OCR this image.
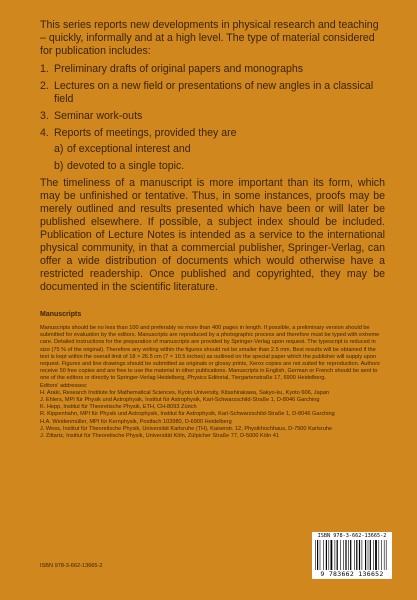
This series reports new developments in physical research and teaching – quickly, informally and at a high level. The type of material considered for publication includes:

1. Preliminary drafts of original papers and monographs
2. Lectures on a new field or presentations of new angles in a classical field
3. Seminar work-outs
4. Reports of meetings, provided they are
a) of exceptional interest and
b) devoted to a single topic.

The timeliness of a manuscript is more important than its form, which may be unfinished or tentative. Thus, in some instances, proofs may be merely outlined and results presented which have been or will later be published elsewhere. If possible, a subject index should be included. Publication of Lecture Notes is intended as a service to the international physical community, in that a commercial publisher, Springer-Verlag, can offer a wide distribution of documents which would otherwise have a restricted readership. Once published and copyrighted, they may be documented in the scientific literature.

Manuscripts

Manuscripts should be no less than 100 and preferably no more than 400 pages in length. If possible, a preliminary version should be submitted for evaluation by the editors. Manuscripts are reproduced by a photographic process and therefore must be typed with extreme care. Detailed instructions for the preparation of manuscripts are provided by Springer-Verlag upon request. The typescript is reduced in size (75 % of the original). Therefore any writing within the figures should not be smaller than 2.5 mm. Best results will be obtained if the text is kept within the overall limit of 18 × 26.5 cm (7 × 10.5 inches) as outlined on the special paper which the publisher will supply upon request. Figures and line drawings should be submitted as originals or glossy prints, Xerox copies are not suited for reproduction. Authors receive 50 free copies and are free to use the material in other publications. Manuscripts in English, German or French should be sent to one of the editors or directly to Springer-Verlag Heidelberg, Physics Editorial, Tiergartenstraße 17, 6900 Heidelberg.

Editors' addresses:
H. Araki, Research Institute for Mathematical Sciences, Kyoto University, Kitashirakawa, Sakyo-ku, Kyoto 606, Japan
J. Ehlers, MPI für Physik und Astrophysik, Institut für Astrophysik, Karl-Schwarzschild-Straße 1, D-8046 Garching
K. Hepp, Institut für Theoretische Physik, ETH, CH-8093 Zürich
R. Kippenhahn, MPI für Physik und Astrophysik, Institut für Astrophysik, Karl-Schwarzschild-Straße 1, D-8046 Garching
H.A. Weidenmüller, MPI für Kernphysik, Postfach 103980, D-6900 Heidelberg
J. Wess, Institut für Theoretische Physik, Universität Karlsruhe (TH), Kaiserstr. 12, Physikhochhaus, D-7500 Karlsruhe
J. Zittartz, Institut für Theoretische Physik, Universität Köln, Zülpicher Straße 77, D-5000 Köln 41
ISBN 978-3-662-13665-2
ISBN 978-3-662-13665-2
9 783662 136652
